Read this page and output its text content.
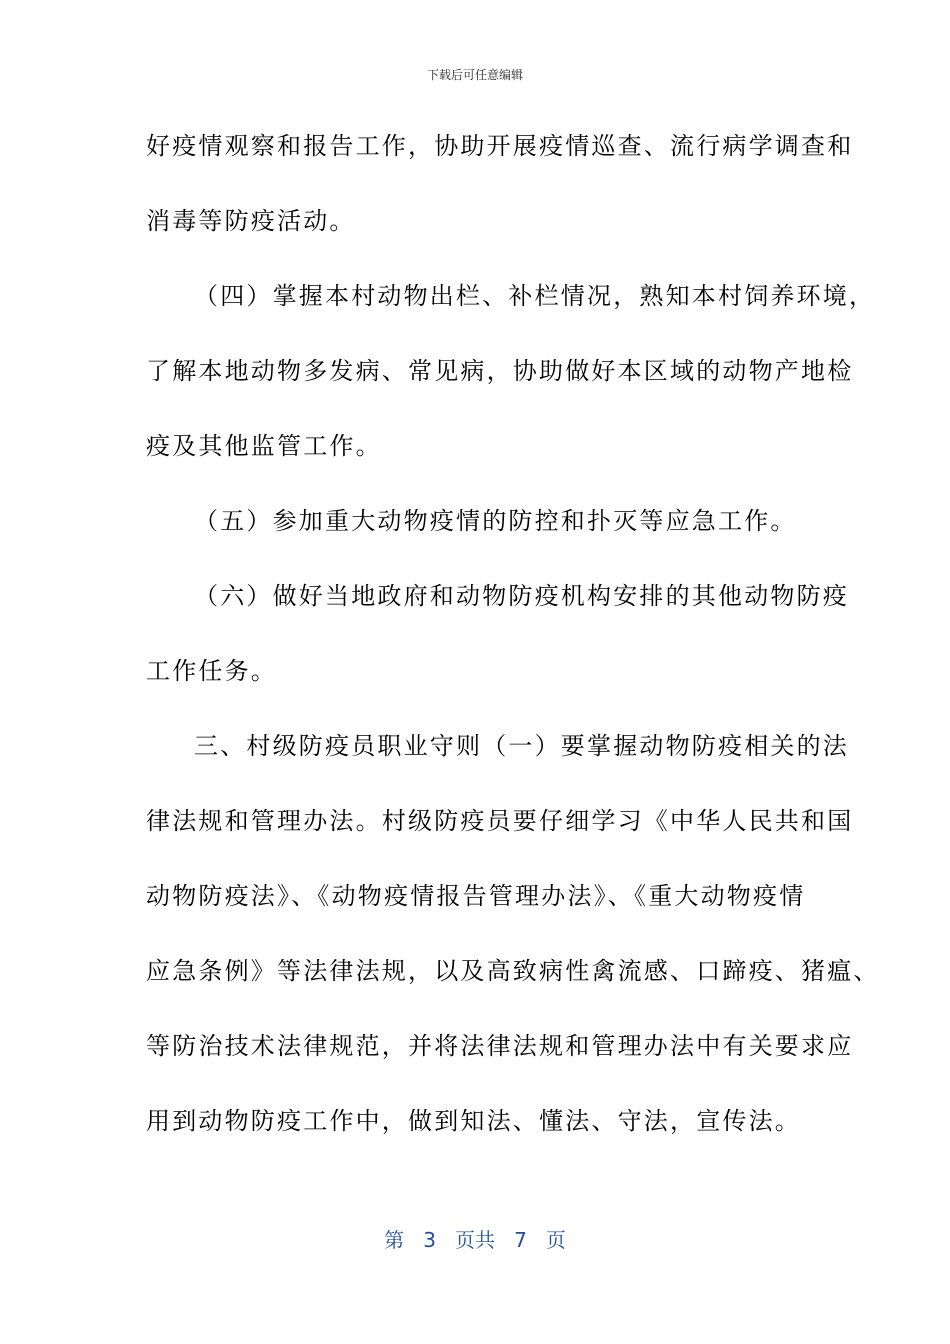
下载后可任意编辑
好疫情观察和报告工作，协助开展疫情巡查、流行病学调查和
消毒等防疫活动。
（四）掌握本村动物出栏、补栏情况，熟知本村饲养环境，
了解本地动物多发病、常见病，协助做好本区域的动物产地检
疫及其他监管工作。
（五）参加重大动物疫情的防控和扑灭等应急工作。
（六）做好当地政府和动物防疫机构安排的其他动物防疫
工作任务。
三、村级防疫员职业守则（一）要掌握动物防疫相关的法
律法规和管理办法。村级防疫员要仔细学习《中华人民共和国
动物防疫法》、《动物疫情报告管理办法》、《重大动物疫情
应急条例》等法律法规，以及高致病性禽流感、口蹄疫、猪瘟、
等防治技术法律规范，并将法律法规和管理办法中有关要求应
用到动物防疫工作中，做到知法、懂法、守法，宣传法。
第 3 页共 7 页
